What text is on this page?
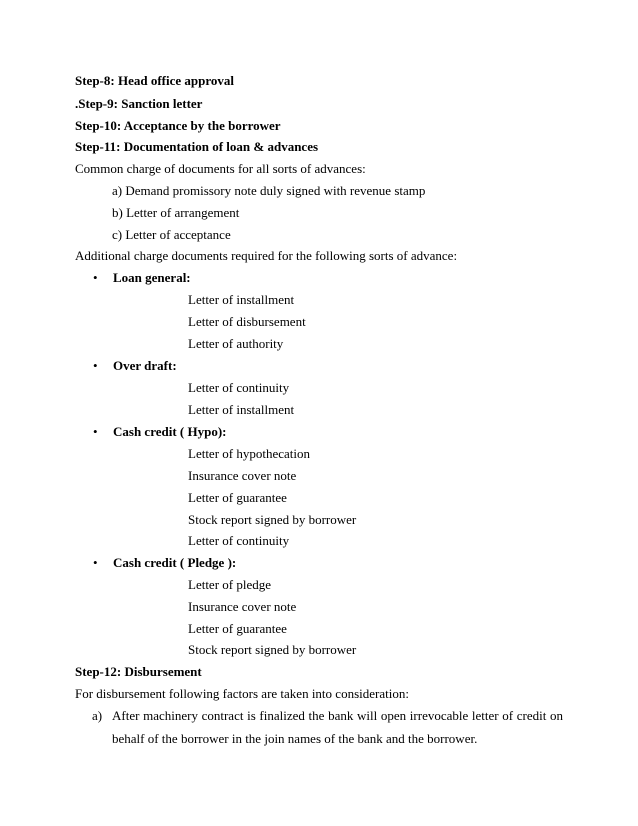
Step-8: Head office approval
.Step-9: Sanction letter
Step-10: Acceptance by the borrower
Step-11: Documentation of loan & advances
Common charge of documents for all sorts of advances:
a) Demand promissory note duly signed with revenue stamp
b) Letter of arrangement
c) Letter of acceptance
Additional charge documents required for the following sorts of advance:
• Loan general:
Letter of installment
Letter of disbursement
Letter of authority
• Over draft:
Letter of continuity
Letter of installment
• Cash credit ( Hypo):
Letter of hypothecation
Insurance cover note
Letter of guarantee
Stock report signed by borrower
Letter of continuity
• Cash credit ( Pledge ):
Letter of pledge
Insurance cover note
Letter of guarantee
Stock report signed by borrower
Step-12: Disbursement
For disbursement following factors are taken into consideration:
a) After machinery contract is finalized the bank will open irrevocable letter of credit on
behalf of the borrower in the join names of the bank and the borrower.
